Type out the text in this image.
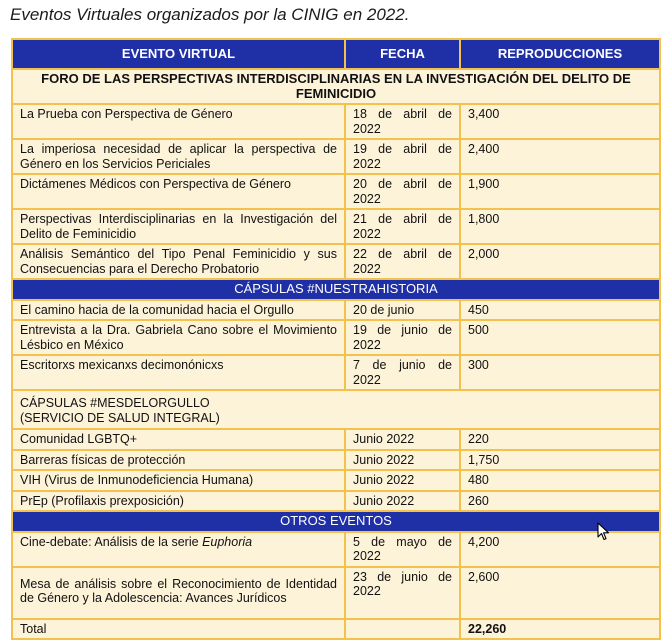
Eventos Virtuales organizados por la CINIG en 2022.
EVENTO VIRTUAL	FECHA	REPRODUCCIONES
FORO DE LAS PERSPECTIVAS INTERDISCIPLINARIAS EN LA INVESTIGACIÓN DEL DELITO DE FEMINICIDIO		
La Prueba con Perspectiva de Género	18 de abril de 2022	3,400
La imperiosa necesidad de aplicar la perspectiva de Género en los Servicios Periciales	19 de abril de 2022	2,400
Dictámenes Médicos con Perspectiva de Género	20 de abril de 2022	1,900
Perspectivas Interdisciplinarias en la Investigación del Delito de Feminicidio	21 de abril de 2022	1,800
Análisis Semántico del Tipo Penal Feminicidio y sus Consecuencias para el Derecho Probatorio	22 de abril de 2022	2,000
CÁPSULAS #NUESTRAHISTORIA		
El camino hacia de la comunidad hacia el Orgullo	20 de junio	450
Entrevista a la Dra. Gabriela Cano sobre el Movimiento Lésbico en México	19 de junio de 2022	500
Escritorxs mexicanxs decimonónicxs	7 de junio de 2022	300

CÁPSULAS #MESDELORGULLO
(SERVICIO DE SALUD INTEGRAL)		

Comunidad LGBTQ+	Junio 2022	220
Barreras físicas de protección	Junio 2022	1,750
VIH (Virus de Inmunodeficiencia Humana)	Junio 2022	480
PrEp (Profilaxis prexposición)	Junio 2022	260
OTROS EVENTOS		
Cine-debate: Análisis de la serie Euphoria	5 de mayo de 2022	4,200
Mesa de análisis sobre el Reconocimiento de Identidad de Género y la Adolescencia: Avances Jurídicos	23 de junio de 2022	2,600
Total		22,260
